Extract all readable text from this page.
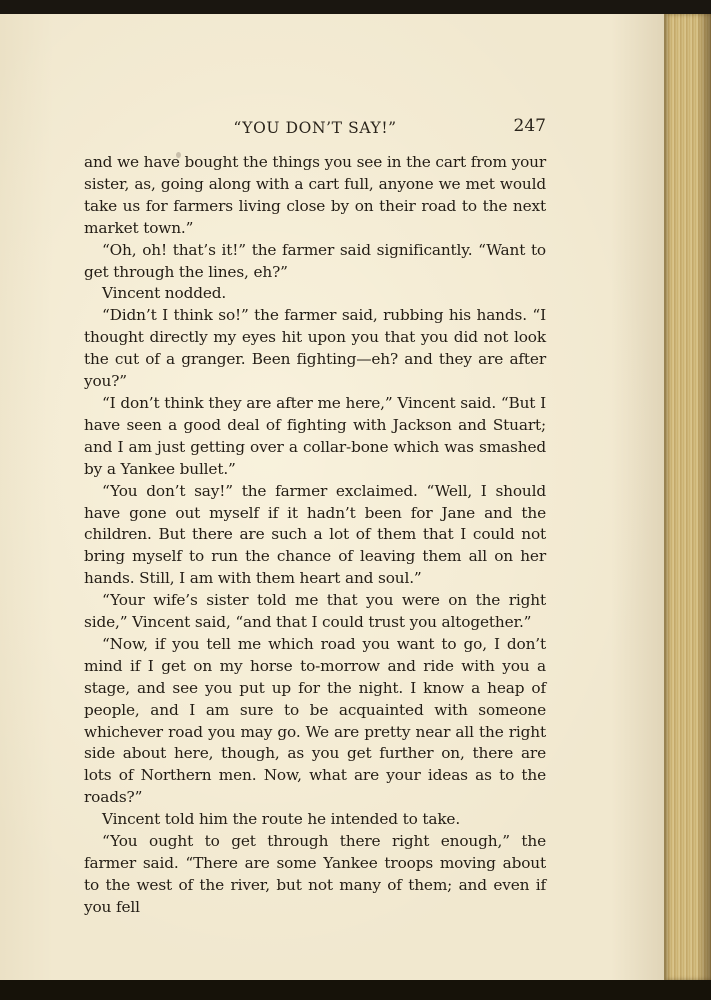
“YOU DON’T SAY!”	247

and we have bought the things you see in the cart from your sister, as, going along with a cart full, anyone we met would take us for farmers living close by on their road to the next market town.”

“Oh, oh! that’s it!” the farmer said significantly. “Want to get through the lines, eh?”

Vincent nodded.

“Didn’t I think so!” the farmer said, rubbing his hands. “I thought directly my eyes hit upon you that you did not look the cut of a granger. Been fighting—eh? and they are after you?”

“I don’t think they are after me here,” Vincent said. “But I have seen a good deal of fighting with Jackson and Stuart; and I am just getting over a collar-bone which was smashed by a Yankee bullet.”

“You don’t say!” the farmer exclaimed. “Well, I should have gone out myself if it hadn’t been for Jane and the children. But there are such a lot of them that I could not bring myself to run the chance of leaving them all on her hands. Still, I am with them heart and soul.”

“Your wife’s sister told me that you were on the right side,” Vincent said, “and that I could trust you altogether.”

“Now, if you tell me which road you want to go, I don’t mind if I get on my horse to-morrow and ride with you a stage, and see you put up for the night. I know a heap of people, and I am sure to be acquainted with someone whichever road you may go. We are pretty near all the right side about here, though, as you get further on, there are lots of Northern men. Now, what are your ideas as to the roads?”

Vincent told him the route he intended to take.

“You ought to get through there right enough,” the farmer said. “There are some Yankee troops moving about to the west of the river, but not many of them; and even if you fell
